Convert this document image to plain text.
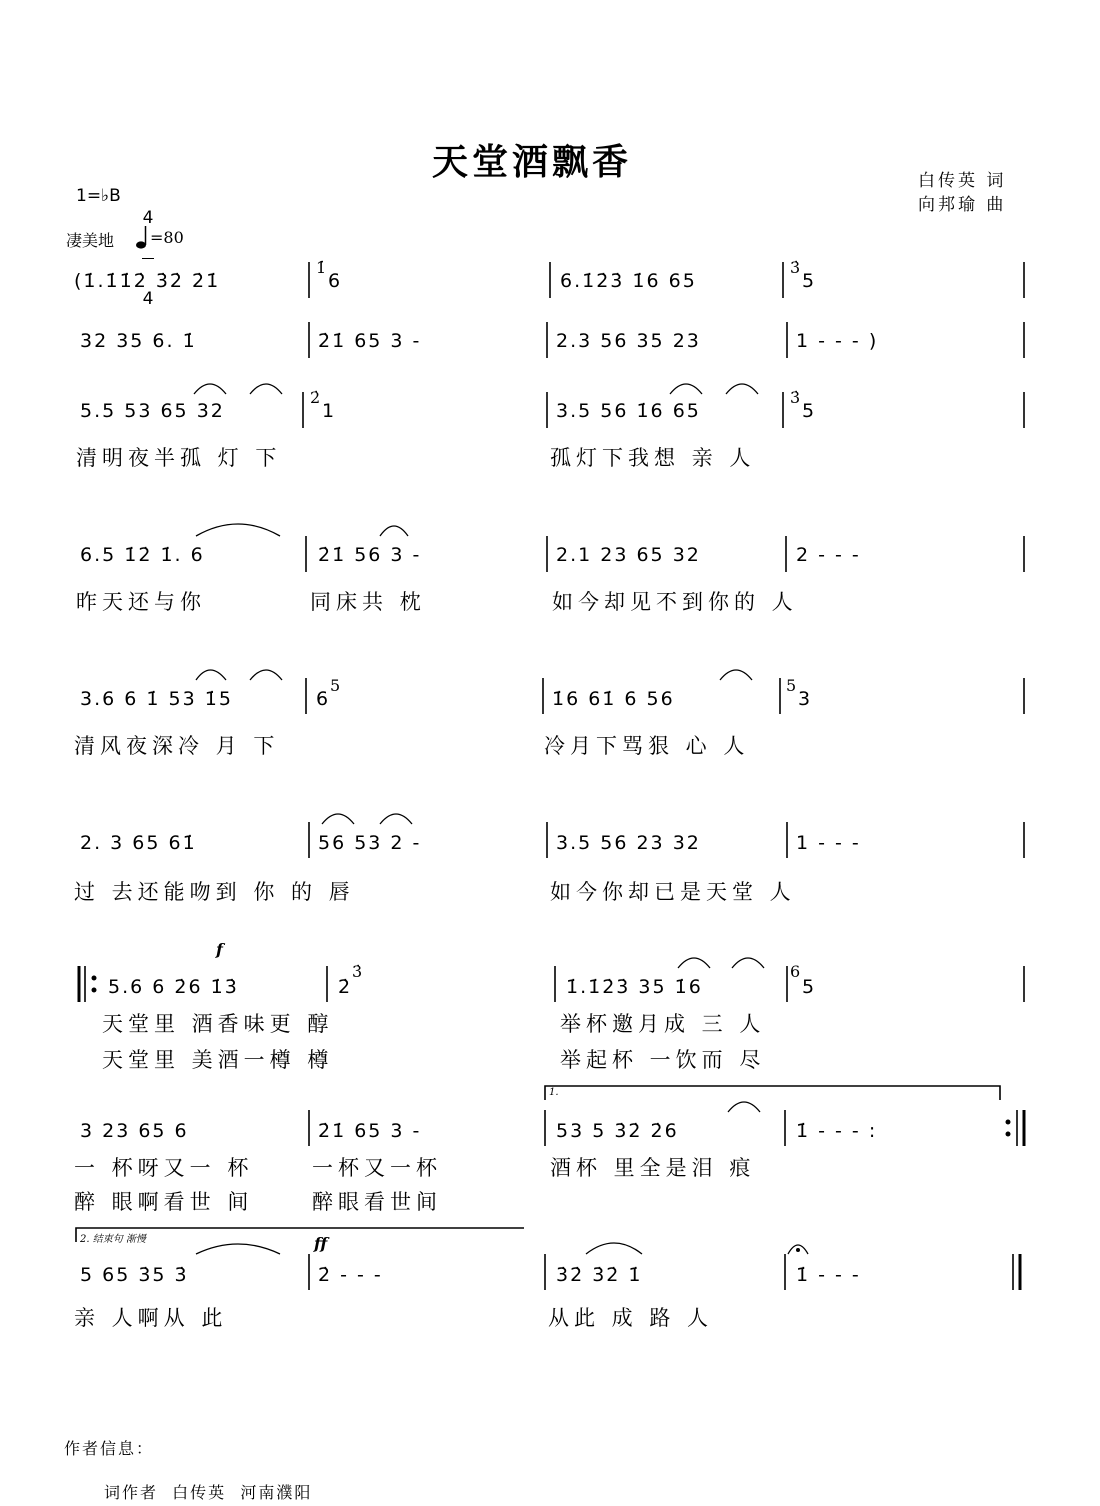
天堂酒飘香	白传英 词
向邦瑜 曲
1=♭B

4

4

凄美地 =80
(1̇.1̇1̇2̇ 3̇2̇ 2̇1̇	6
1̇
6.1̇2̇3̇ 1̇6 65	5
3̇
32 35 6. 1̇	2̇1̇ 65 3 -	2.3 56 35 23	1 - - - )
5.5 53 65 32	1
2̇
3.5 56 1̇6 65	5
3̇
清明夜半孤 灯 下	孤灯下我想 亲 人
6.5 1̇2̇ 1̇. 6	2̇1̇ 56 3 -	2.1 23 65 32	2 - - -
昨天还与你	同床共 枕	如今却见不到你的 人
3.6 6 1̇ 53 1̇5	6
5
1̇6 61̇ 6 56	3
5
清风夜深冷 月 下	冷月下骂狠 心 人
2. 3 65 61̇	56 53 2 -	3.5 56 23 32	1 - - -
过 去还能吻到 你 的 唇	如今你却已是天堂 人
f
5.6 6 2̇6 1̇3̇	2̇
3̇
1̇.1̇2̇3̇ 35 1̇6	5
6
天堂里 酒香味更 醇	举杯邀月成 三 人
天堂里 美酒一樽 樽	举起杯 一饮而 尽
1.
3 23 65 6	2̇1̇ 65 3 -	53 5 3̇2̇ 2̇6	1̇ - - - :
一 杯呀又一 杯	一杯又一杯	酒杯 里全是泪 痕
醉 眼啊看世 间	醉眼看世间
2. 结束句 渐慢	ff
5 65 3̇5 3̇	2̇ - - -	3̇2̇ 3̇2̇ 1̇	1̇ - - -
亲 人啊从 此	从此 成 路 人
作者信息：
词作者  白传英  河南濮阳
